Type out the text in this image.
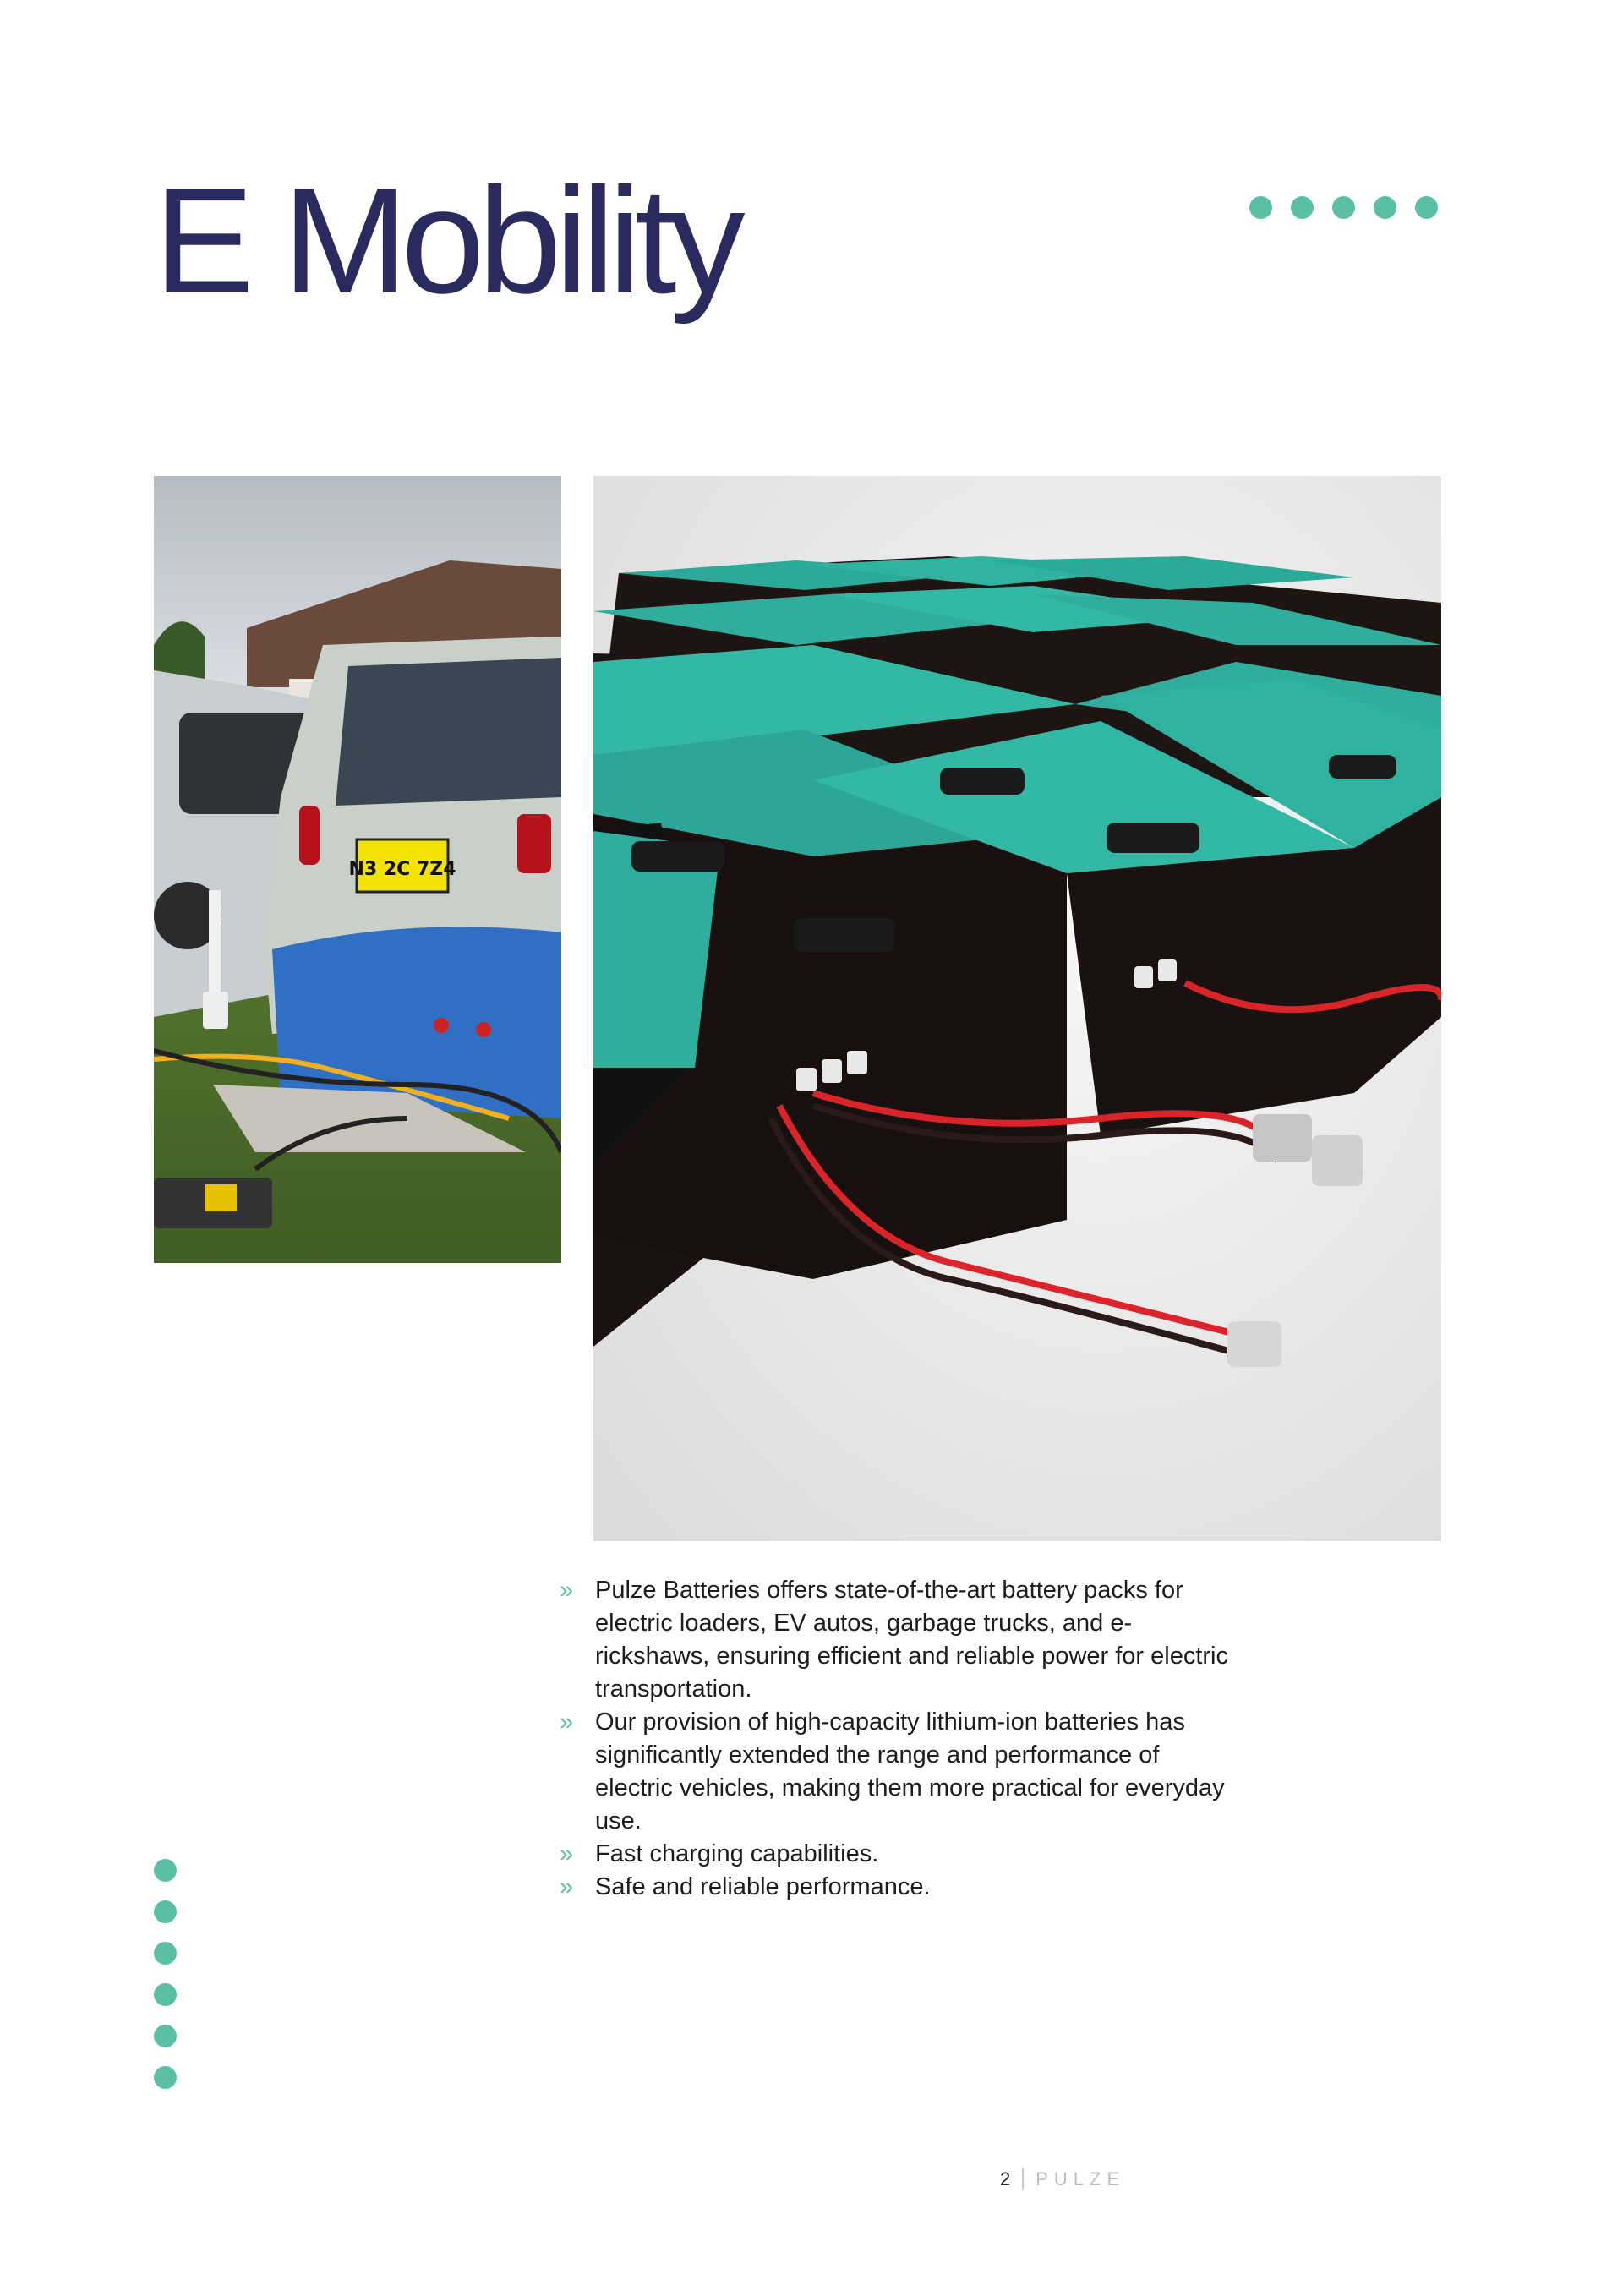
E Mobility
N3 2C 7Z4
» Pulze Batteries offers state-of-the-art battery packs for electric loaders, EV autos, garbage trucks, and e-rickshaws, ensuring efficient and reliable power for electric transportation.
» Our provision of high-capacity lithium-ion batteries has significantly extended the range and performance of electric vehicles, making them more practical for everyday use.
» Fast charging capabilities.
» Safe and reliable performance.
2 PULZE
